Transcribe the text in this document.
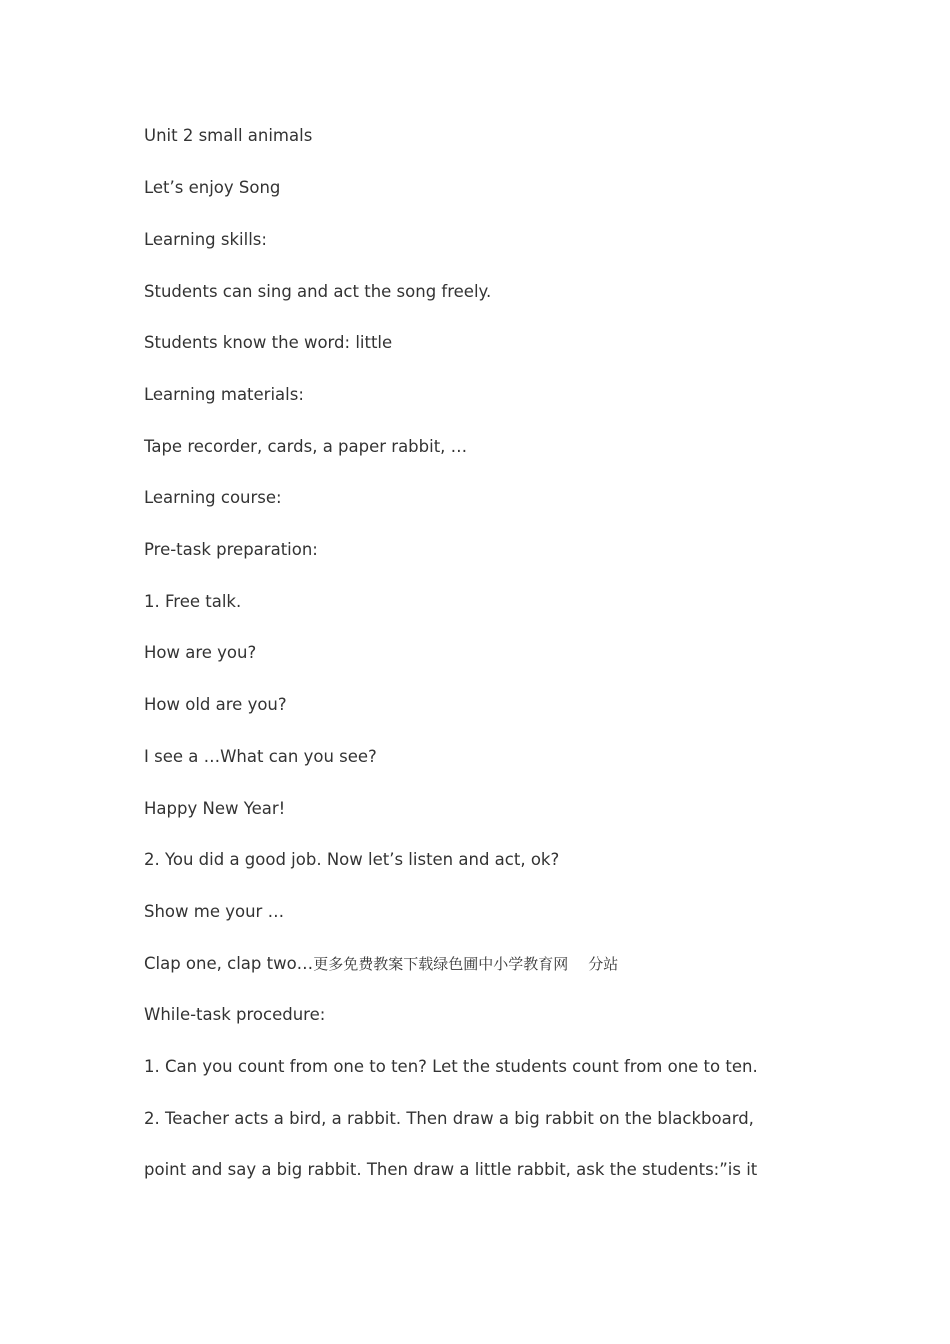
Unit 2 small animals
Let’s enjoy Song
Learning skills:
Students can sing and act the song freely.
Students know the word: little
Learning materials:
Tape recorder, cards, a paper rabbit, …
Learning course:
Pre-task preparation:
1. Free talk.
How are you?
How old are you?
I see a …What can you see?
Happy New Year!
2. You did a good job. Now let’s listen and act, ok?
Show me your …
Clap one, clap two…更多免费教案下载绿色圃中小学教育网 分站
While-task procedure:
1. Can you count from one to ten? Let the students count from one to ten.
2. Teacher acts a bird, a rabbit. Then draw a big rabbit on the blackboard,
point and say a big rabbit. Then draw a little rabbit, ask the students:”is it
